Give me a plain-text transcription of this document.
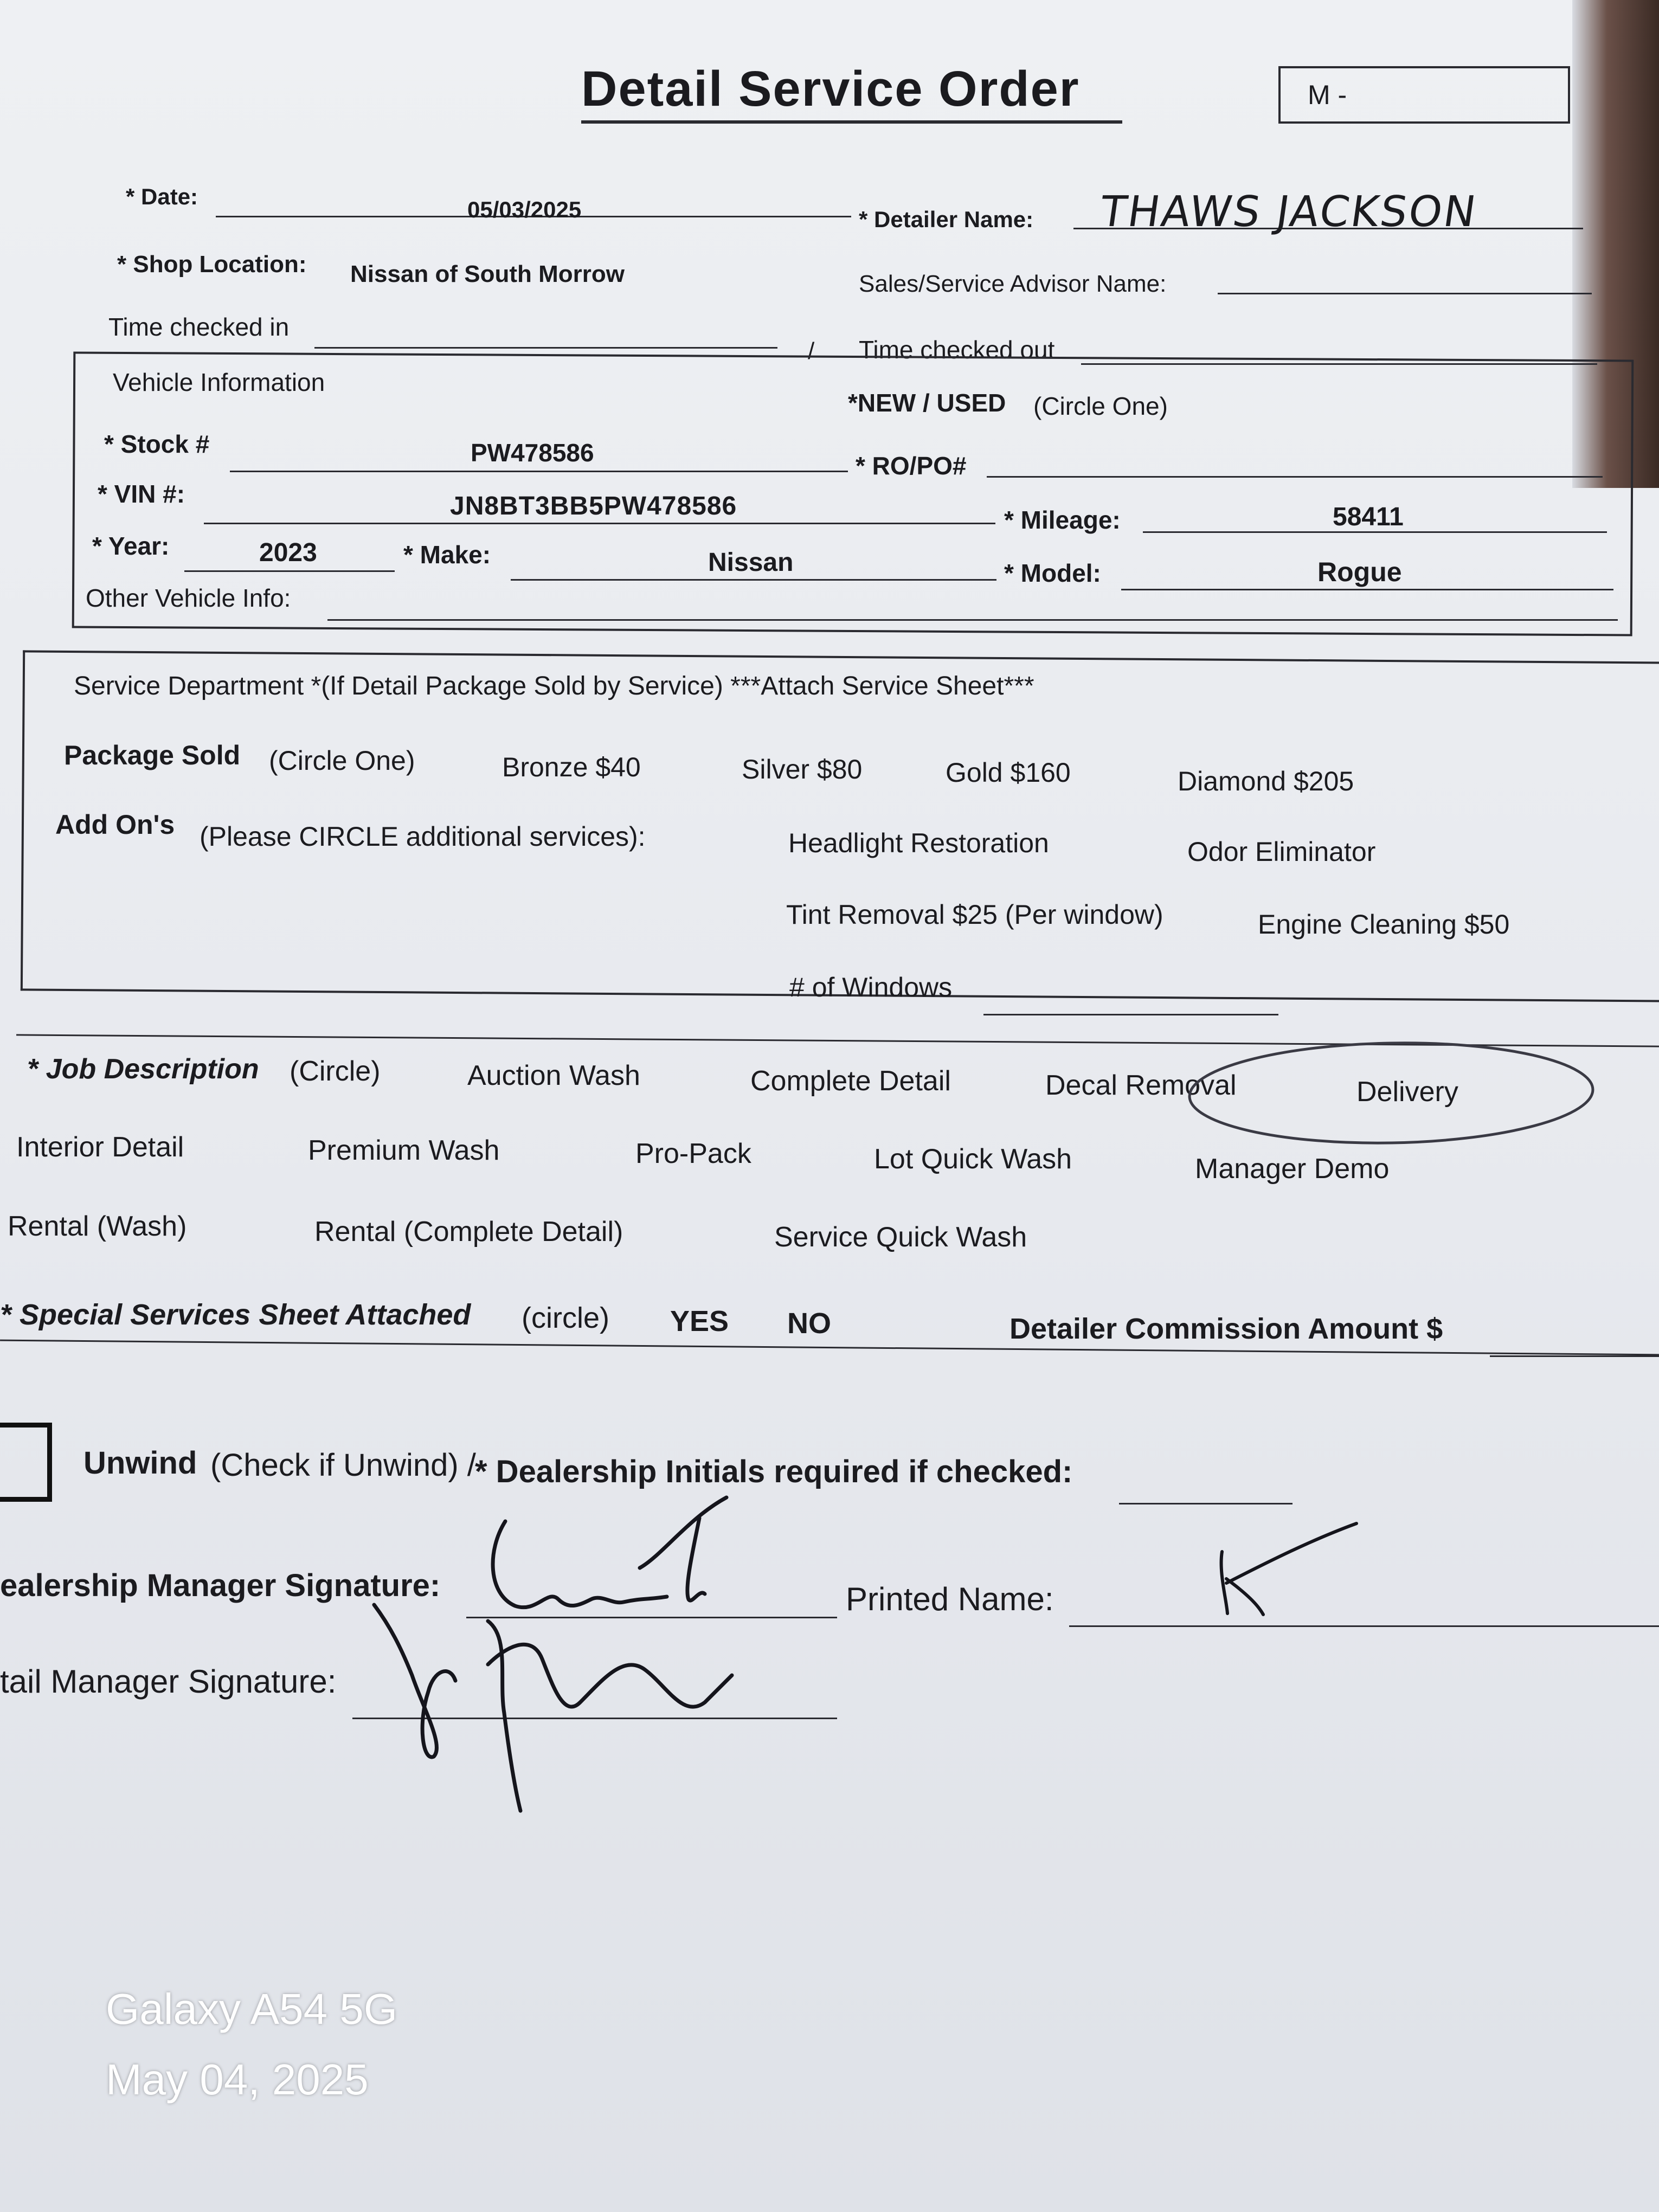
Detail Service Order	M -
* Date:
05/03/2025	* Detailer Name: THAWS JACKSON
* Shop Location: Nissan of South Morrow	Sales/Service Advisor Name:
Time checked in
/ Time checked out
Vehicle Information
*NEW / USED (Circle One)
* Stock #	PW478586	* RO/PO#
* VIN #:	JN8BT3BB5PW478586	* Mileage:	58411
* Year:	2023	* Make:	Nissan	* Model:	Rogue
Other Vehicle Info:
Service Department *(If Detail Package Sold by Service) ***Attach Service Sheet***
Package Sold (Circle One)	Bronze $40	Silver $80	Gold $160	Diamond $205
Add On's (Please CIRCLE additional services):	Headlight Restoration	Odor Eliminator
Tint Removal $25 (Per window)	Engine Cleaning $50
# of Windows
* Job Description (Circle)	Auction Wash	Complete Detail	Decal Removal	Delivery
Interior Detail	Premium Wash	Pro-Pack	Lot Quick Wash	Manager Demo
Rental (Wash)	Rental (Complete Detail)	Service Quick Wash
* Special Services Sheet Attached (circle) YES NO	Detailer Commission Amount $
Unwind (Check if Unwind) /
* Dealership Initials required if checked:
ealership Manager Signature:	Printed Name:
tail Manager Signature:
Galaxy A54 5G
May 04, 2025
